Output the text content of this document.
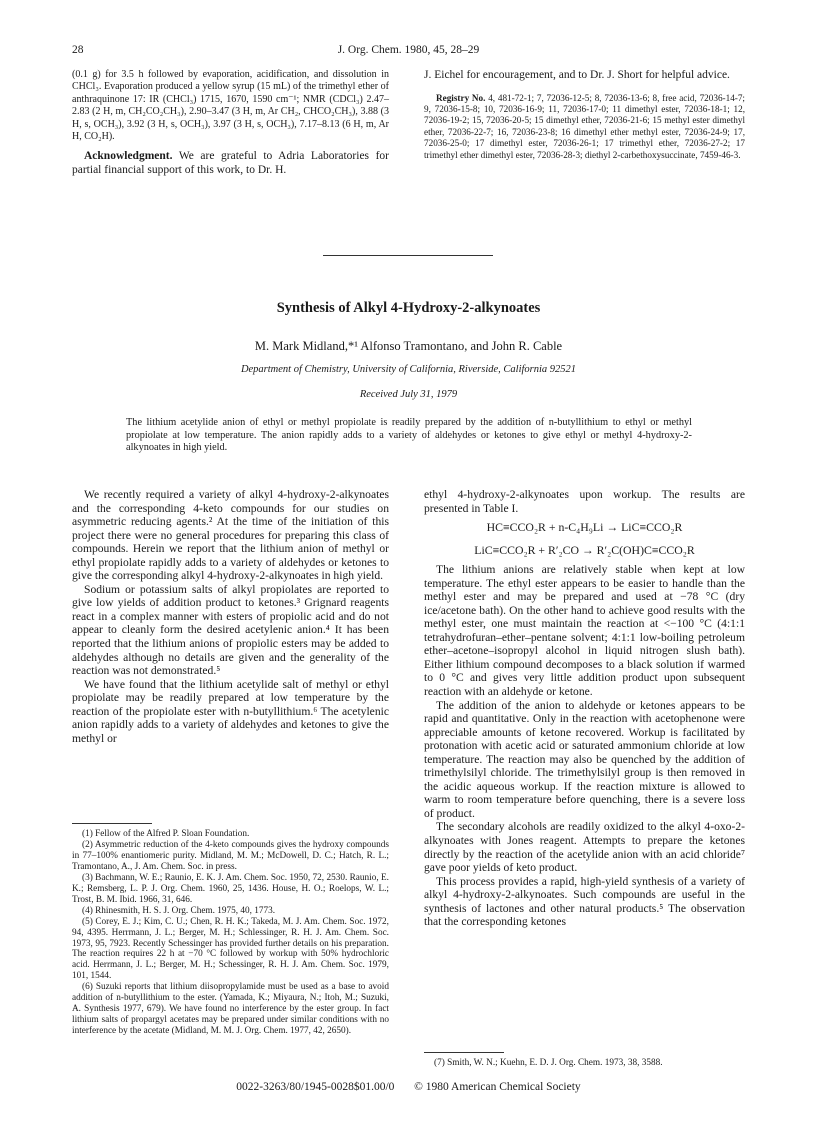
28	J. Org. Chem. 1980, 45, 28–29

(0.1 g) for 3.5 h followed by evaporation, acidification, and dissolution in CHCl₃. Evaporation produced a yellow syrup (15 mL) of the trimethyl ether of anthraquinone 17: IR (CHCl₃) 1715, 1670, 1590 cm⁻¹; NMR (CDCl₃) 2.47–2.83 (2 H, m, CH₂CO₂CH₃), 2.90–3.47 (3 H, m, Ar CH₂, CHCO₂CH₃), 3.88 (3 H, s, OCH₃), 3.92 (3 H, s, OCH₃), 3.97 (3 H, s, OCH₃), 7.17–8.13 (6 H, m, Ar H, CO₂H).

Acknowledgment. We are grateful to Adria Laboratories for partial financial support of this work, to Dr. H.

J. Eichel for encouragement, and to Dr. J. Short for helpful advice.

Registry No. 4, 481-72-1; 7, 72036-12-5; 8, 72036-13-6; 8, free acid, 72036-14-7; 9, 72036-15-8; 10, 72036-16-9; 11, 72036-17-0; 11 dimethyl ester, 72036-18-1; 12, 72036-19-2; 15, 72036-20-5; 15 dimethyl ether, 72036-21-6; 15 methyl ester dimethyl ether, 72036-22-7; 16, 72036-23-8; 16 dimethyl ether methyl ester, 72036-24-9; 17, 72036-25-0; 17 dimethyl ester, 72036-26-1; 17 trimethyl ether, 72036-27-2; 17 trimethyl ether dimethyl ester, 72036-28-3; diethyl 2-carbethoxysuccinate, 7459-46-3.

Synthesis of Alkyl 4-Hydroxy-2-alkynoates
M. Mark Midland,*¹ Alfonso Tramontano, and John R. Cable
Department of Chemistry, University of California, Riverside, California 92521
Received July 31, 1979
The lithium acetylide anion of ethyl or methyl propiolate is readily prepared by the addition of n-butyllithium to ethyl or methyl propiolate at low temperature. The anion rapidly adds to a variety of aldehydes or ketones to give ethyl or methyl 4-hydroxy-2-alkynoates in high yield.

We recently required a variety of alkyl 4-hydroxy-2-alkynoates and the corresponding 4-keto compounds for our studies on asymmetric reducing agents.² At the time of the initiation of this project there were no general procedures for preparing this class of compounds. Herein we report that the lithium anion of methyl or ethyl propiolate rapidly adds to a variety of aldehydes or ketones to give the corresponding alkyl 4-hydroxy-2-alkynoates in high yield.

Sodium or potassium salts of alkyl propiolates are reported to give low yields of addition product to ketones.³ Grignard reagents react in a complex manner with esters of propiolic acid and do not appear to cleanly form the desired acetylenic anion.⁴ It has been reported that the lithium anions of propiolic esters may be added to aldehydes although no details are given and the generality of the reaction was not demonstrated.⁵

We have found that the lithium acetylide salt of methyl or ethyl propiolate may be readily prepared at low temperature by the reaction of the propiolate ester with n-butyllithium.⁶ The acetylenic anion rapidly adds to a variety of aldehydes and ketones to give the methyl or

(1) Fellow of the Alfred P. Sloan Foundation.

(2) Asymmetric reduction of the 4-keto compounds gives the hydroxy compounds in 77–100% enantiomeric purity. Midland, M. M.; McDowell, D. C.; Hatch, R. L.; Tramontano, A., J. Am. Chem. Soc. in press.

(3) Bachmann, W. E.; Raunio, E. K. J. Am. Chem. Soc. 1950, 72, 2530. Raunio, E. K.; Remsberg, L. P. J. Org. Chem. 1960, 25, 1436. House, H. O.; Roelops, W. L.; Trost, B. M. Ibid. 1966, 31, 646.

(4) Rhinesmith, H. S. J. Org. Chem. 1975, 40, 1773.

(5) Corey, E. J.; Kim, C. U.; Chen, R. H. K.; Takeda, M. J. Am. Chem. Soc. 1972, 94, 4395. Herrmann, J. L.; Berger, M. H.; Schlessinger, R. H. J. Am. Chem. Soc. 1973, 95, 7923. Recently Schessinger has provided further details on his preparation. The reaction requires 22 h at −70 °C followed by workup with 50% hydrochloric acid. Herrmann, J. L.; Berger, M. H.; Schessinger, R. H. J. Am. Chem. Soc. 1979, 101, 1544.

(6) Suzuki reports that lithium diisopropylamide must be used as a base to avoid addition of n-butyllithium to the ester. (Yamada, K.; Miyaura, N.; Itoh, M.; Suzuki, A. Synthesis 1977, 679). We have found no interference by the ester group. In fact lithium salts of propargyl acetates may be prepared under similar conditions with no interference by the acetate (Midland, M. M. J. Org. Chem. 1977, 42, 2650).

ethyl 4-hydroxy-2-alkynoates upon workup. The results are presented in Table I.

HC≡CCO₂R + n-C₄H₉Li → LiC≡CCO₂R
LiC≡CCO₂R + R′₂CO → R′₂C(OH)C≡CCO₂R

The lithium anions are relatively stable when kept at low temperature. The ethyl ester appears to be easier to handle than the methyl ester and may be prepared and used at −78 °C (dry ice/acetone bath). On the other hand to achieve good results with the methyl ester, one must maintain the reaction at <−100 °C (4:1:1 tetrahydrofuran–ether–pentane solvent; 4:1:1 low-boiling petroleum ether–acetone–isopropyl alcohol in liquid nitrogen slush bath). Either lithium compound decomposes to a black solution if warmed to 0 °C and gives very little addition product upon subsequent reaction with an aldehyde or ketone.

The addition of the anion to aldehyde or ketones appears to be rapid and quantitative. Only in the reaction with acetophenone were appreciable amounts of ketone recovered. Workup is facilitated by protonation with acetic acid or saturated ammonium chloride at low temperature. The reaction may also be quenched by the addition of trimethylsilyl chloride. The trimethylsilyl group is then removed in the acidic aqueous workup. If the reaction mixture is allowed to warm to room temperature before quenching, there is a severe loss of product.

The secondary alcohols are readily oxidized to the alkyl 4-oxo-2-alkynoates with Jones reagent. Attempts to prepare the ketones directly by the reaction of the acetylide anion with an acid chloride⁷ gave poor yields of keto product.

This process provides a rapid, high-yield synthesis of a variety of alkyl 4-hydroxy-2-alkynoates. Such compounds are useful in the synthesis of lactones and other natural products.⁵ The observation that the corresponding ketones

(7) Smith, W. N.; Kuehn, E. D. J. Org. Chem. 1973, 38, 3588.

0022-3263/80/1945-0028$01.00/0 © 1980 American Chemical Society
